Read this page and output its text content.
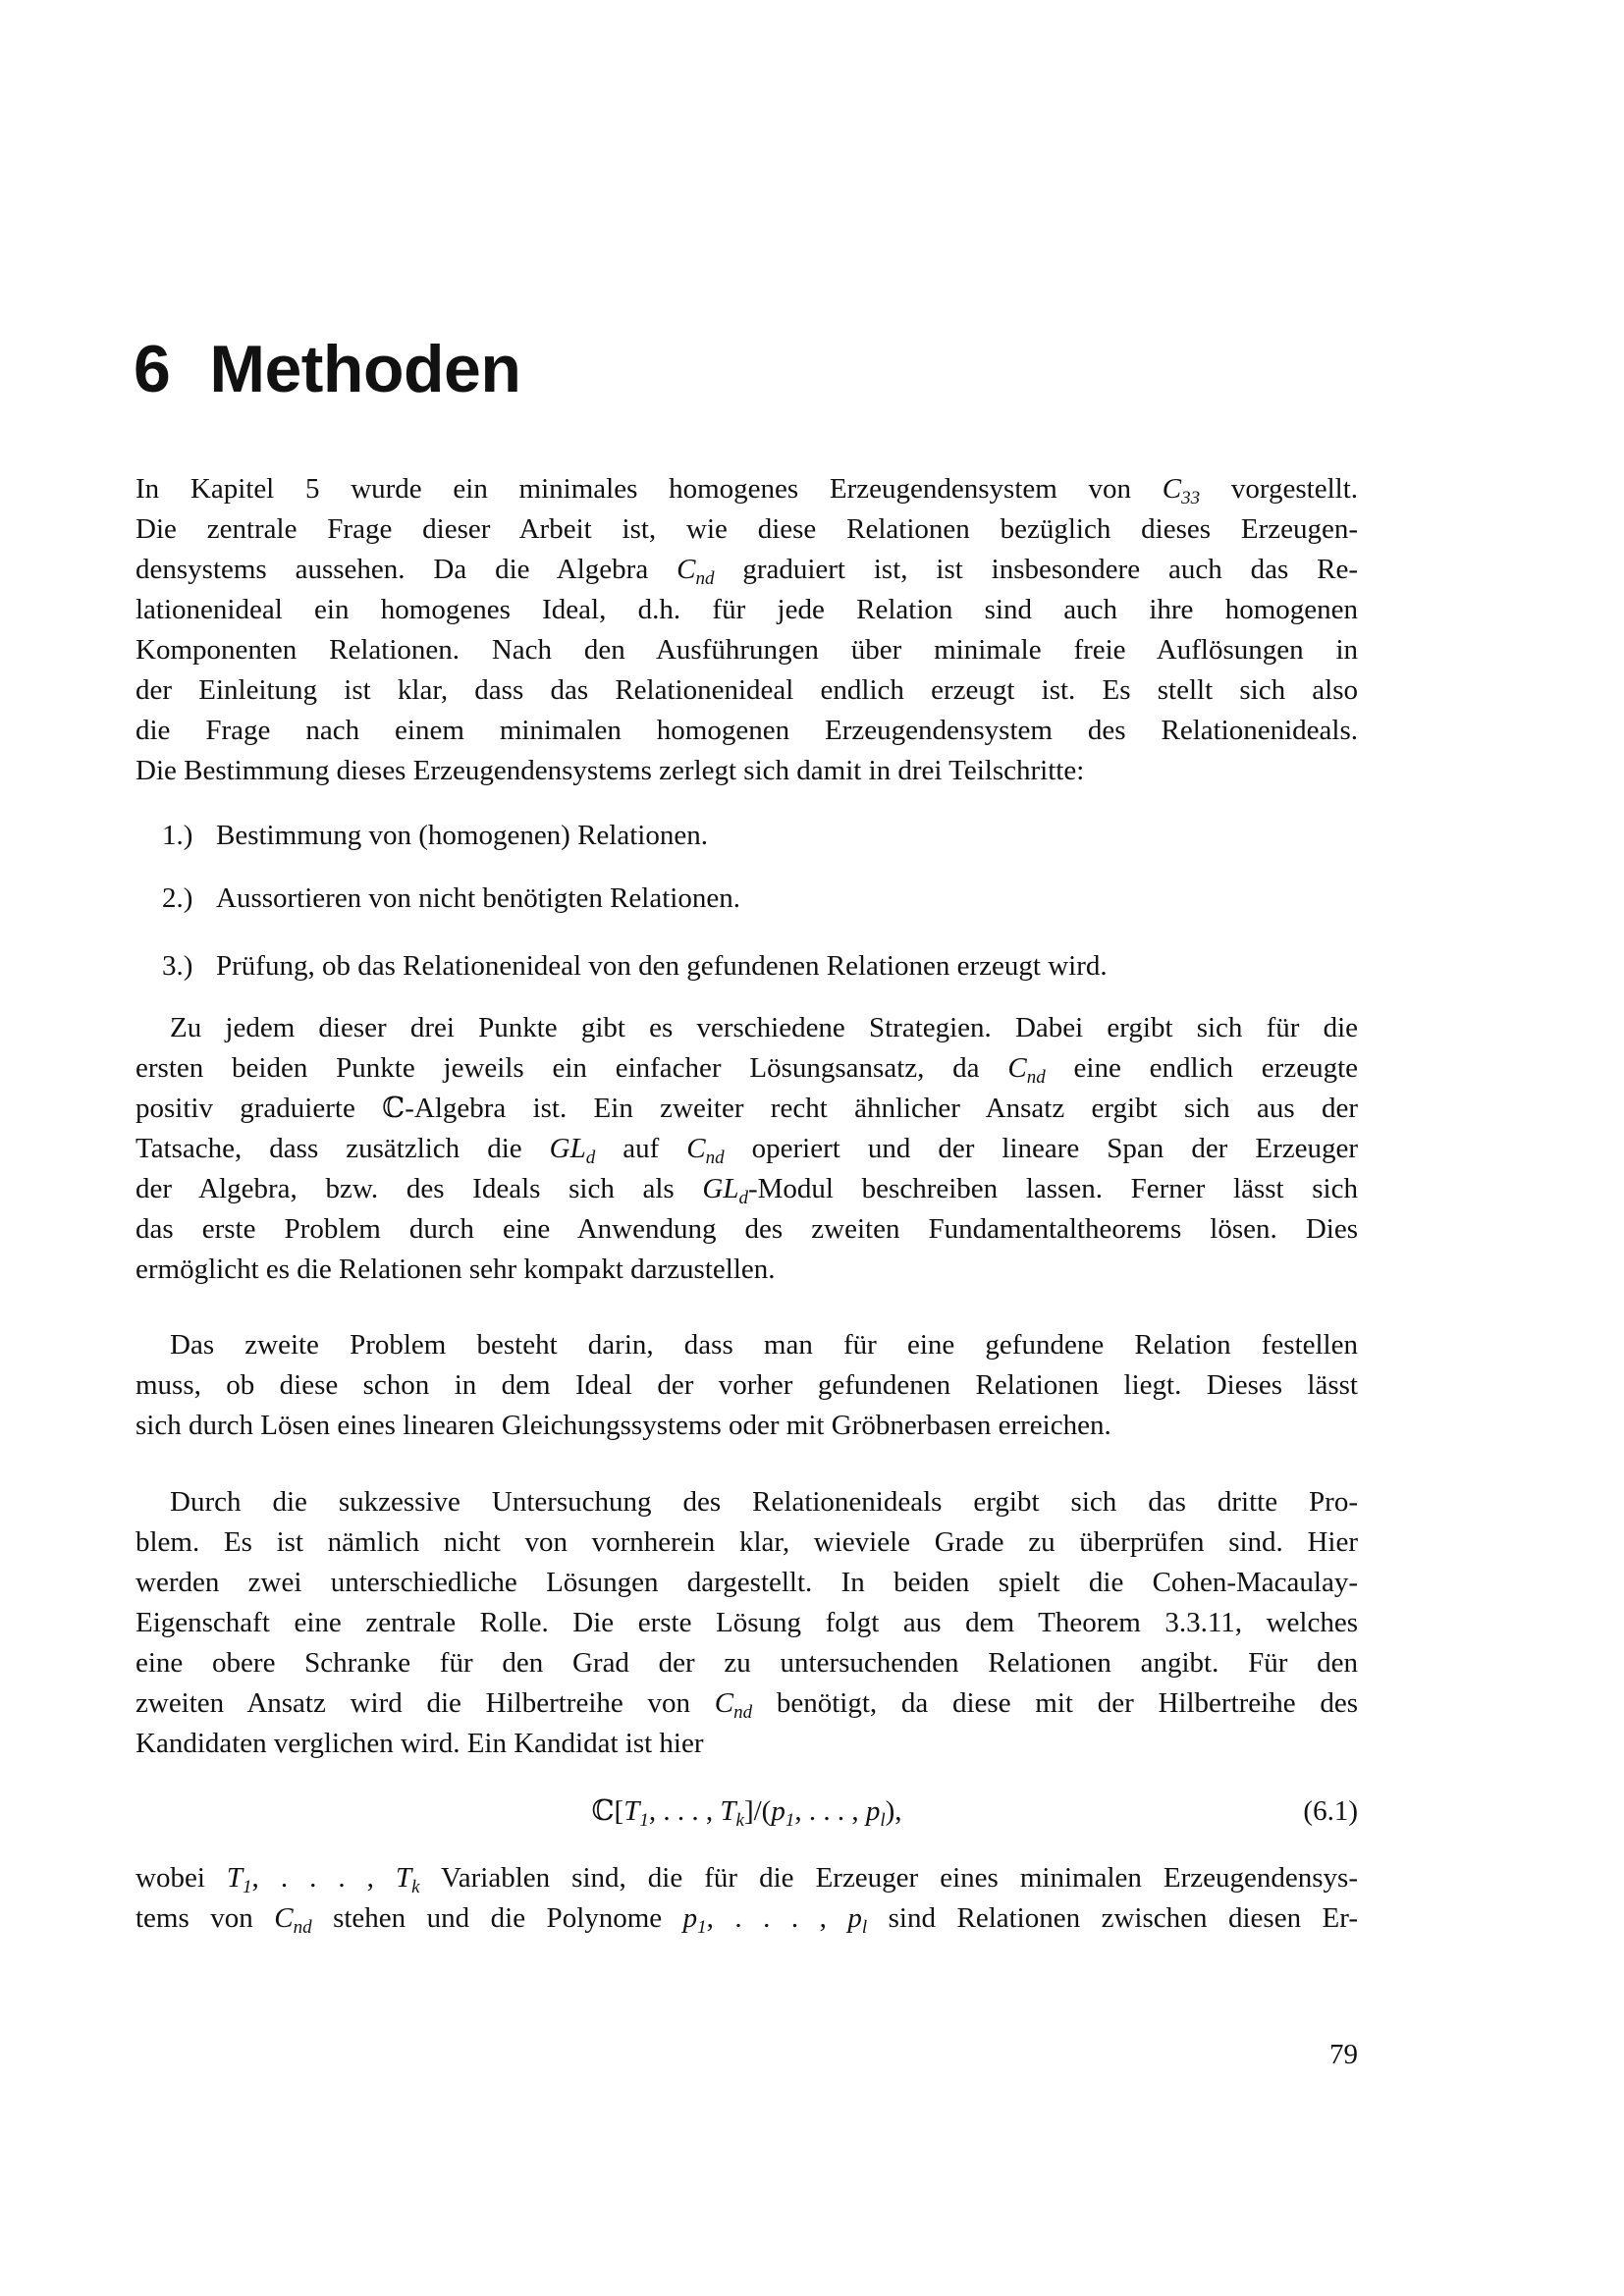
6 Methoden
In Kapitel 5 wurde ein minimales homogenes Erzeugendensystem von $C_{33}$ vorgestellt.
Die zentrale Frage dieser Arbeit ist, wie diese Relationen bezüglich dieses Erzeugen-
densystems aussehen. Da die Algebra $C_{nd}$ graduiert ist, ist insbesondere auch das Re-
lationenideal ein homogenes Ideal, d.h. für jede Relation sind auch ihre homogenen
Komponenten Relationen. Nach den Ausführungen über minimale freie Auflösungen in
der Einleitung ist klar, dass das Relationenideal endlich erzeugt ist. Es stellt sich also
die Frage nach einem minimalen homogenen Erzeugendensystem des Relationenideals.
Die Bestimmung dieses Erzeugendensystems zerlegt sich damit in drei Teilschritte:
1.) Bestimmung von (homogenen) Relationen.
2.) Aussortieren von nicht benötigten Relationen.
3.) Prüfung, ob das Relationenideal von den gefundenen Relationen erzeugt wird.
Zu jedem dieser drei Punkte gibt es verschiedene Strategien. Dabei ergibt sich für die
ersten beiden Punkte jeweils ein einfacher Lösungsansatz, da $C_{nd}$ eine endlich erzeugte
positiv graduierte ℂ-Algebra ist. Ein zweiter recht ähnlicher Ansatz ergibt sich aus der
Tatsache, dass zusätzlich die $GL_d$ auf $C_{nd}$ operiert und der lineare Span der Erzeuger
der Algebra, bzw. des Ideals sich als $GL_d$-Modul beschreiben lassen. Ferner lässt sich
das erste Problem durch eine Anwendung des zweiten Fundamentaltheorems lösen. Dies
ermöglicht es die Relationen sehr kompakt darzustellen.
Das zweite Problem besteht darin, dass man für eine gefundene Relation festellen
muss, ob diese schon in dem Ideal der vorher gefundenen Relationen liegt. Dieses lässt
sich durch Lösen eines linearen Gleichungssystems oder mit Gröbnerbasen erreichen.
Durch die sukzessive Untersuchung des Relationenideals ergibt sich das dritte Pro-
blem. Es ist nämlich nicht von vornherein klar, wieviele Grade zu überprüfen sind. Hier
werden zwei unterschiedliche Lösungen dargestellt. In beiden spielt die Cohen-Macaulay-
Eigenschaft eine zentrale Rolle. Die erste Lösung folgt aus dem Theorem 3.3.11, welches
eine obere Schranke für den Grad der zu untersuchenden Relationen angibt. Für den
zweiten Ansatz wird die Hilbertreihe von $C_{nd}$ benötigt, da diese mit der Hilbertreihe des
Kandidaten verglichen wird. Ein Kandidat ist hier
$ℂ[T_1$, . . . , $T_k]/(p_1$, . . . , $p_l$),	(6.1)
wobei $T_1$, . . . , $T_k$ Variablen sind, die für die Erzeuger eines minimalen Erzeugendensys-
tems von $C_{nd}$ stehen und die Polynome $p_1$, . . . , $p_l$ sind Relationen zwischen diesen Er-
79
